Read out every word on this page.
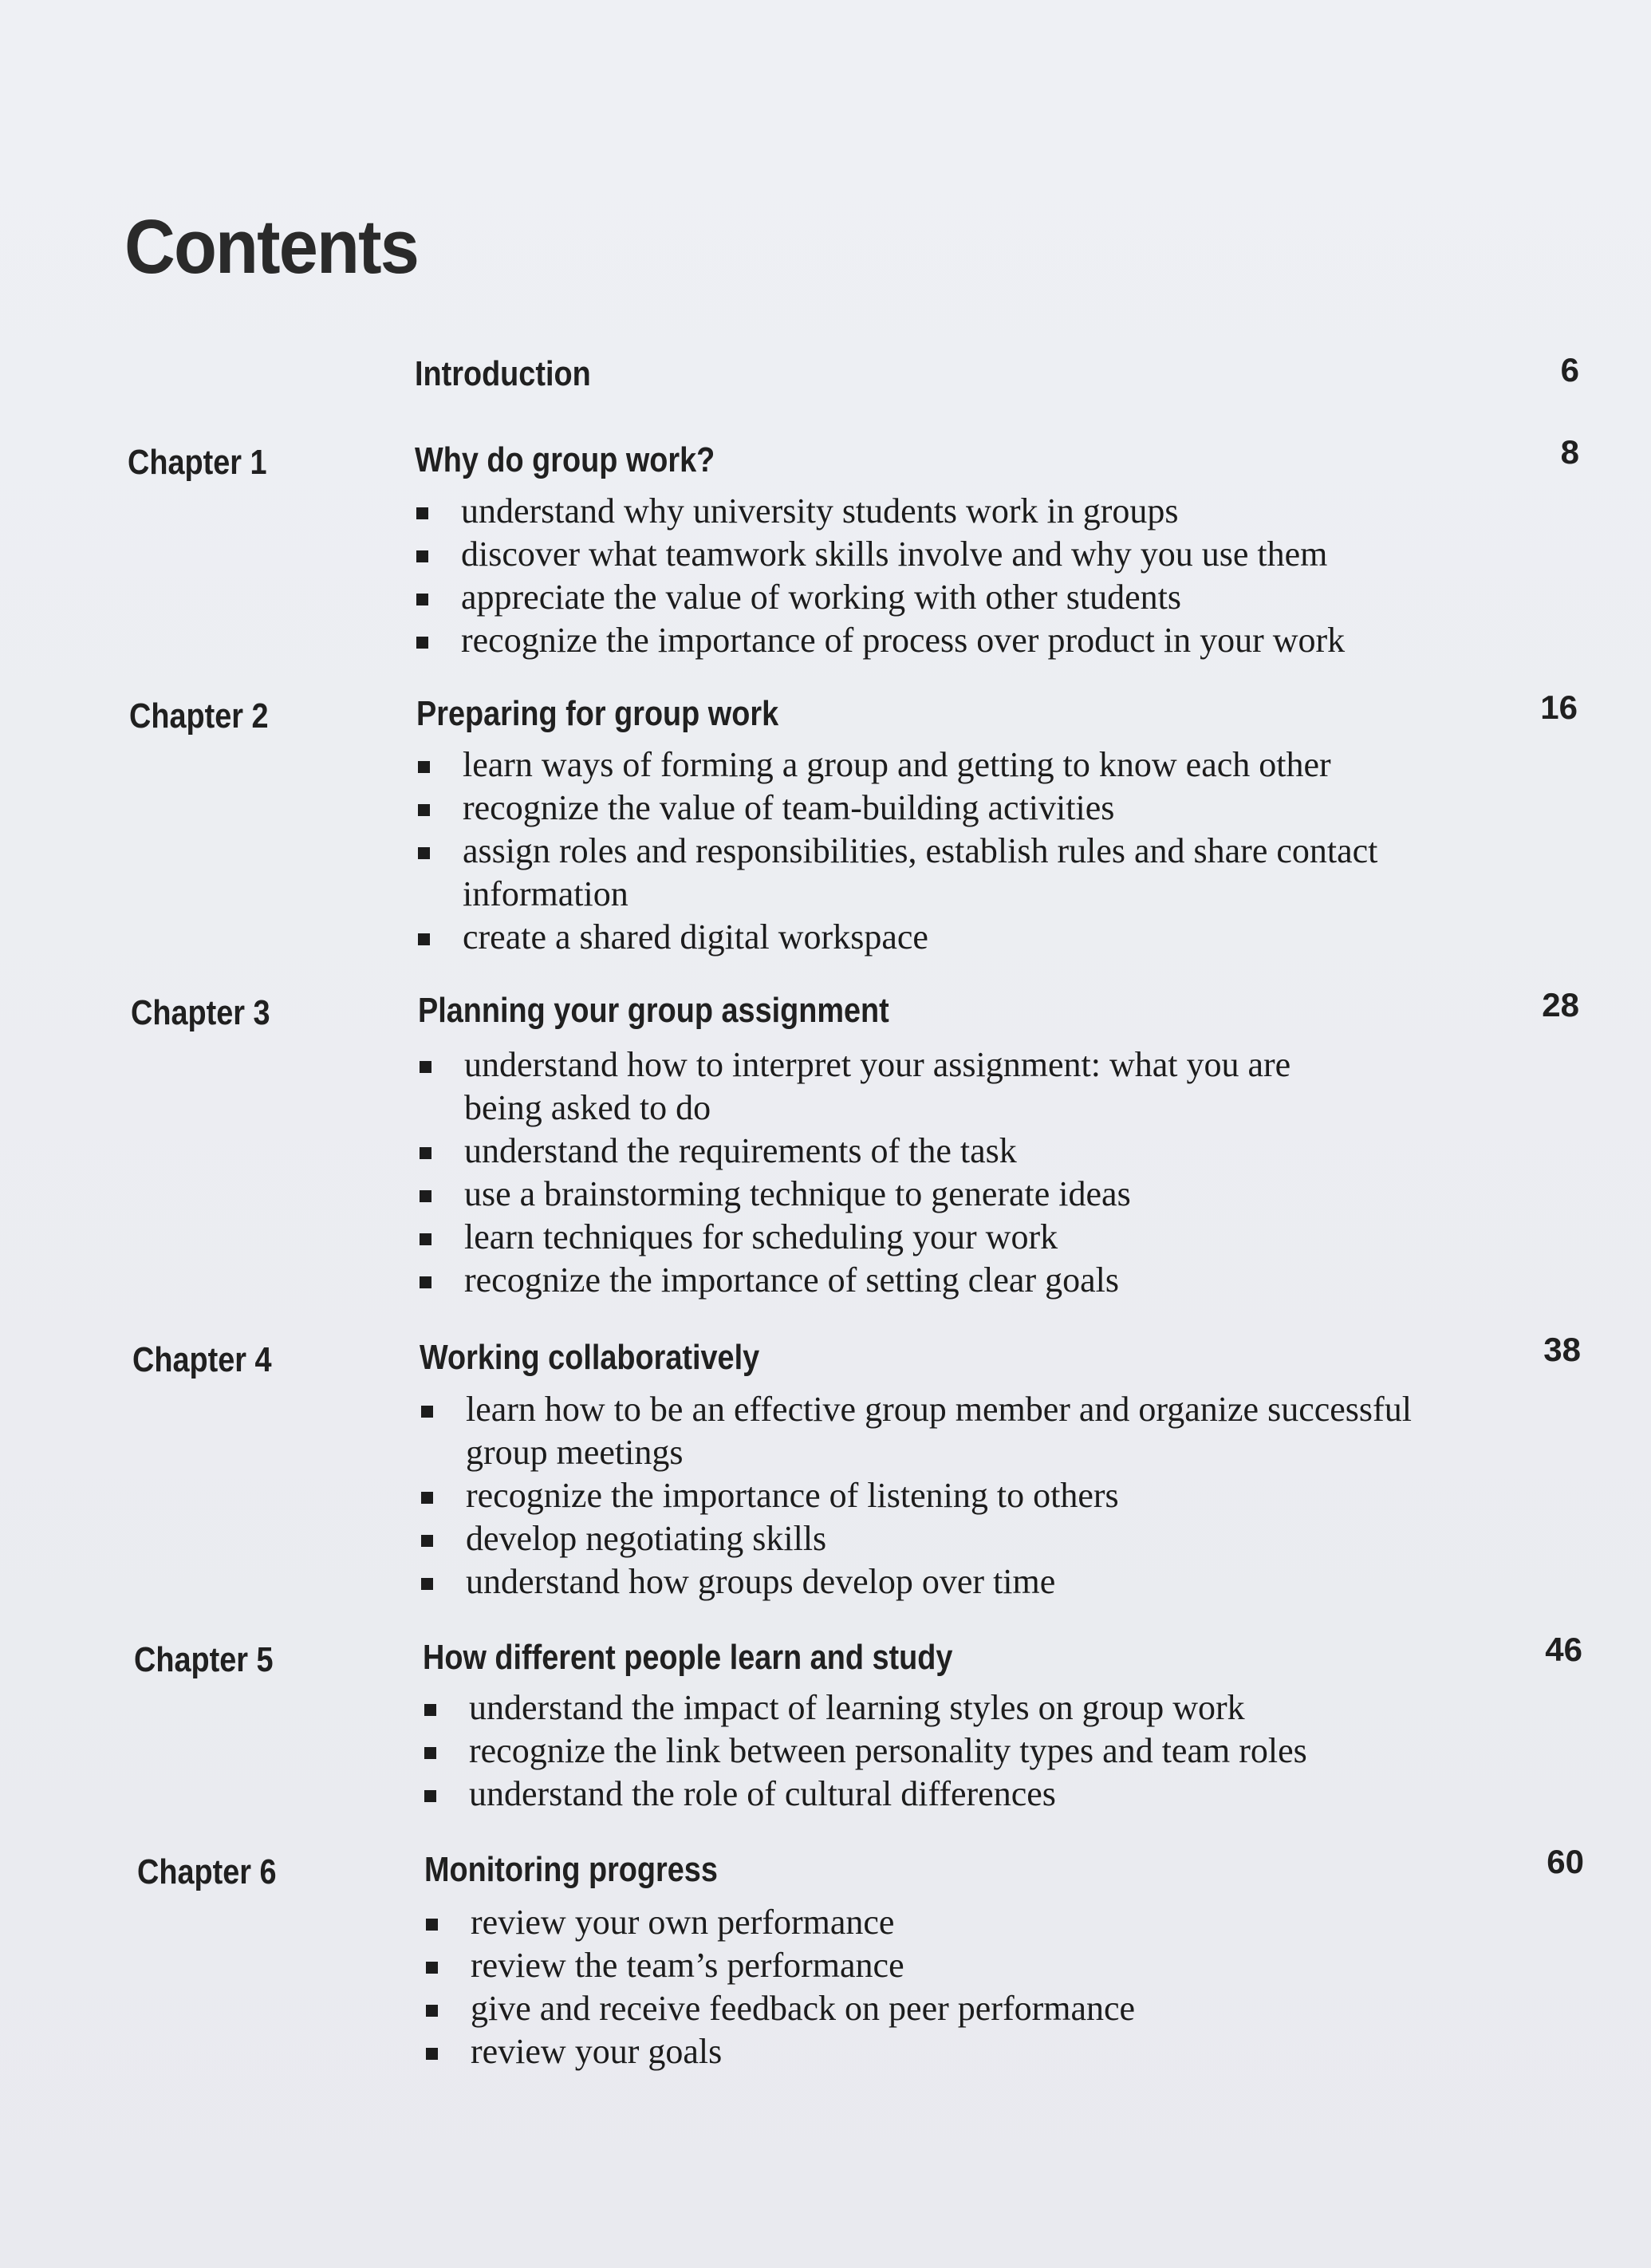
Contents
Introduction	6
Chapter 1	Why do group work?	8
understand why university students work in groups
discover what teamwork skills involve and why you use them
appreciate the value of working with other students
recognize the importance of process over product in your work
Chapter 2	Preparing for group work	16
learn ways of forming a group and getting to know each other
recognize the value of team-building activities
assign roles and responsibilities, establish rules and share contact information
create a shared digital workspace
Chapter 3	Planning your group assignment	28
understand how to interpret your assignment: what you are being asked to do
understand the requirements of the task
use a brainstorming technique to generate ideas
learn techniques for scheduling your work
recognize the importance of setting clear goals
Chapter 4	Working collaboratively	38
learn how to be an effective group member and organize successful group meetings
recognize the importance of listening to others
develop negotiating skills
understand how groups develop over time
Chapter 5	How different people learn and study	46
understand the impact of learning styles on group work
recognize the link between personality types and team roles
understand the role of cultural differences
Chapter 6	Monitoring progress	60
review your own performance
review the team’s performance
give and receive feedback on peer performance
review your goals
